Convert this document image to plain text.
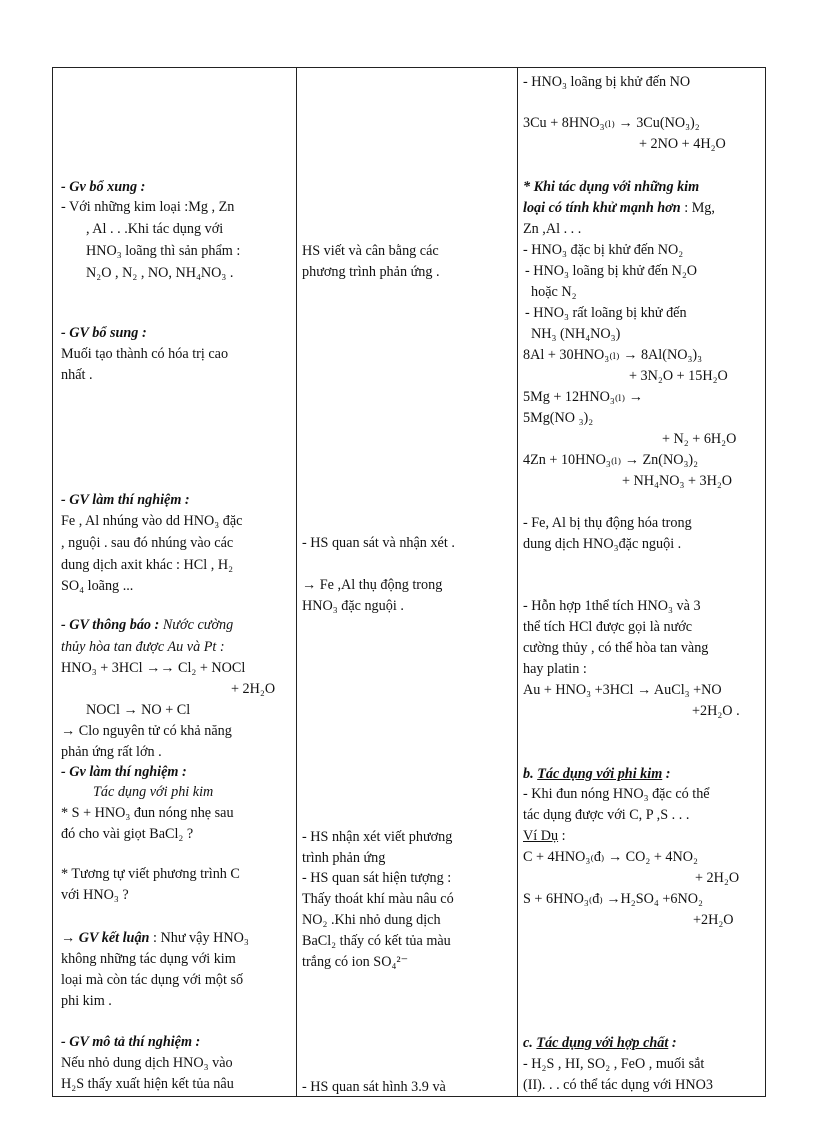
- Gv bổ xung :
- Với những kim loại :Mg , Zn
, Al . . .Khi tác dụng với
HNO₃ loãng thì sản phẩm :
N₂O , N₂ , NO, NH₄NO₃ .
- GV bổ sung :
Muối tạo thành có hóa trị cao
nhất .
- GV làm thí nghiệm :
Fe , Al nhúng vào dd HNO₃ đặc
, nguội . sau đó nhúng vào các
dung dịch axit khác : HCl , H₂
SO₄ loãng ...
- GV thông báo : Nước cường
thủy hòa tan được Au và Pt :
HNO₃ + 3HCl →→ Cl₂ + NOCl
+ 2H₂O
NOCl → NO + Cl
→ Clo nguyên tử có khả năng
phản ứng rất lớn .
- Gv làm thí nghiệm :
Tác dụng với phi kim
* S + HNO₃ đun nóng nhẹ sau
đó cho vài giọt BaCl₂ ?
* Tương tự viết phương trình C
với HNO₃ ?
→ GV kết luận : Như vậy HNO₃
không những tác dụng với kim
loại mà còn tác dụng với một số
phi kim .
- GV mô tả thí nghiệm :
Nếu nhỏ dung dịch HNO₃ vào
H₂S thấy xuất hiện kết tủa nâu
HS viết và cân bằng các
phương trình phản ứng .
- HS quan sát và nhận xét .
→ Fe ,Al thụ động trong
HNO₃ đặc nguội .
- HS nhận xét viết phương
trình phản ứng
- HS quan sát hiện tượng :
Thấy thoát khí màu nâu có
NO₂ .Khi nhỏ dung dịch
BaCl₂ thấy có kết tủa màu
trắng có ion SO₄²⁻
- HS quan sát hình 3.9 và
- HNO₃ loãng bị khử đến NO
3Cu + 8HNO₃₍ₗ₎ → 3Cu(NO₃)₂
+ 2NO + 4H₂O
* Khi tác dụng với những kim
loại có tính khử mạnh hơn : Mg,
Zn ,Al . . .
- HNO₃ đặc bị khử đến NO₂
- HNO₃ loãng bị khử đến N₂O
hoặc N₂
- HNO₃ rất loãng bị khử đến
NH₃ (NH₄NO₃)
8Al + 30HNO₃₍ₗ₎ → 8Al(NO₃)₃
+ 3N₂O + 15H₂O
5Mg + 12HNO₃₍ₗ₎ →
5Mg(NO ₃)₂
+ N₂ + 6H₂O
4Zn + 10HNO₃₍ₗ₎ → Zn(NO₃)₂
+ NH₄NO₃ + 3H₂O
- Fe, Al bị thụ động hóa trong
dung dịch HNO₃đặc nguội .
- Hỗn hợp 1thể tích HNO₃ và 3
thể tích HCl được gọi là nước
cường thủy , có thể hòa tan vàng
hay platin :
Au + HNO₃ +3HCl → AuCl₃ +NO
+2H₂O .
b. Tác dụng với phi kim :
- Khi đun nóng HNO₃ đặc có thể
tác dụng được với C, P ,S . . .
Ví Dụ :
C + 4HNO₃₍đ₎ → CO₂ + 4NO₂
+ 2H₂O
S + 6HNO₃₍đ₎ →H₂SO₄ +6NO₂
+2H₂O
c. Tác dụng với hợp chất :
- H₂S , HI, SO₂ , FeO , muối sắt
(II). . . có thể tác dụng với HNO3
